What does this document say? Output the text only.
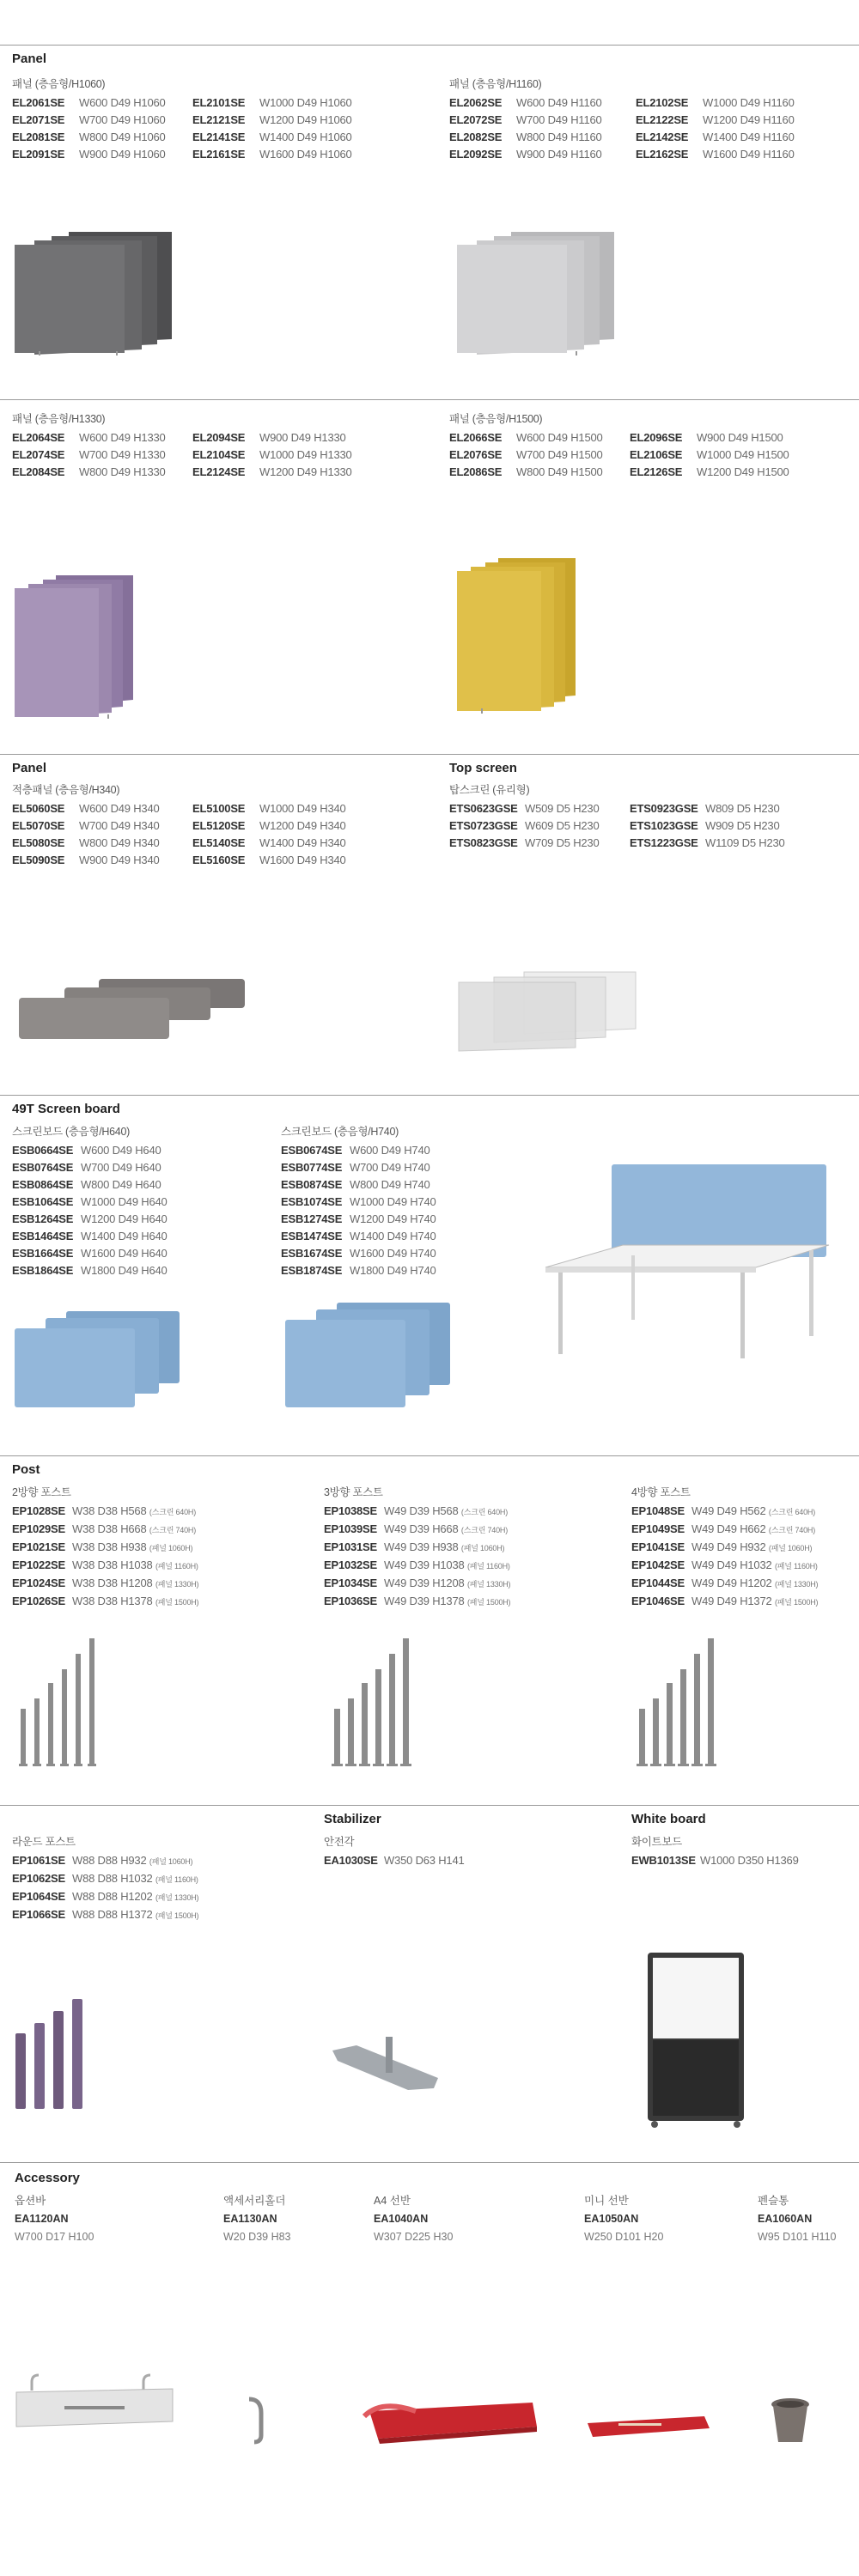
Panel
패널 (층음형/H1060)
EL2061SE W600 D49 H1060
EL2071SE W700 D49 H1060
EL2081SE W800 D49 H1060
EL2091SE W900 D49 H1060
EL2101SE W1000 D49 H1060
EL2121SE W1200 D49 H1060
EL2141SE W1400 D49 H1060
EL2161SE W1600 D49 H1060
패널 (층음형/H1160)
EL2062SE W600 D49 H1160
EL2072SE W700 D49 H1160
EL2082SE W800 D49 H1160
EL2092SE W900 D49 H1160
EL2102SE W1000 D49 H1160
EL2122SE W1200 D49 H1160
EL2142SE W1400 D49 H1160
EL2162SE W1600 D49 H1160
패널 (층음형/H1330)
EL2064SE W600 D49 H1330
EL2074SE W700 D49 H1330
EL2084SE W800 D49 H1330
EL2094SE W900 D49 H1330
EL2104SE W1000 D49 H1330
EL2124SE W1200 D49 H1330
패널 (층음형/H1500)
EL2066SE W600 D49 H1500
EL2076SE W700 D49 H1500
EL2086SE W800 D49 H1500
EL2096SE W900 D49 H1500
EL2106SE W1000 D49 H1500
EL2126SE W1200 D49 H1500
Panel
적층패널 (층음형/H340)
EL5060SE W600 D49 H340
EL5070SE W700 D49 H340
EL5080SE W800 D49 H340
EL5090SE W900 D49 H340
EL5100SE W1000 D49 H340
EL5120SE W1200 D49 H340
EL5140SE W1400 D49 H340
EL5160SE W1600 D49 H340
Top screen
탑스크린 (유리형)
ETS0623GSE W509 D5 H230
ETS0723GSE W609 D5 H230
ETS0823GSE W709 D5 H230
ETS0923GSE W809 D5 H230
ETS1023GSE W909 D5 H230
ETS1223GSE W1109 D5 H230
49T Screen board
스크린보드 (층음형/H640)
ESB0664SE W600 D49 H640
ESB0764SE W700 D49 H640
ESB0864SE W800 D49 H640
ESB1064SE W1000 D49 H640
ESB1264SE W1200 D49 H640
ESB1464SE W1400 D49 H640
ESB1664SE W1600 D49 H640
ESB1864SE W1800 D49 H640
스크린보드 (층음형/H740)
ESB0674SE W600 D49 H740
ESB0774SE W700 D49 H740
ESB0874SE W800 D49 H740
ESB1074SE W1000 D49 H740
ESB1274SE W1200 D49 H740
ESB1474SE W1400 D49 H740
ESB1674SE W1600 D49 H740
ESB1874SE W1800 D49 H740
Post
2방향 포스트
EP1028SE W38 D38 H568 (스크린 640H)
EP1029SE W38 D38 H668 (스크린 740H)
EP1021SE W38 D38 H938 (패널 1060H)
EP1022SE W38 D38 H1038 (패널 1160H)
EP1024SE W38 D38 H1208 (패널 1330H)
EP1026SE W38 D38 H1378 (패널 1500H)
3방향 포스트
EP1038SE W49 D39 H568 (스크린 640H)
EP1039SE W49 D39 H668 (스크린 740H)
EP1031SE W49 D39 H938 (패널 1060H)
EP1032SE W49 D39 H1038 (패널 1160H)
EP1034SE W49 D39 H1208 (패널 1330H)
EP1036SE W49 D39 H1378 (패널 1500H)
4방향 포스트
EP1048SE W49 D49 H562 (스크린 640H)
EP1049SE W49 D49 H662 (스크린 740H)
EP1041SE W49 D49 H932 (패널 1060H)
EP1042SE W49 D49 H1032 (패널 1160H)
EP1044SE W49 D49 H1202 (패널 1330H)
EP1046SE W49 D49 H1372 (패널 1500H)
라운드 포스트
EP1061SE W88 D88 H932 (패널 1060H)
EP1062SE W88 D88 H1032 (패널 1160H)
EP1064SE W88 D88 H1202 (패널 1330H)
EP1066SE W88 D88 H1372 (패널 1500H)
Stabilizer
안전각
EA1030SE W350 D63 H141
White board
화이트보드
EWB1013SE W1000 D350 H1369
Accessory
옵션바
EA1120AN
W700 D17 H100
액세서리홀더
EA1130AN
W20 D39 H83
A4 선반
EA1040AN
W307 D225 H30
미니 선반
EA1050AN
W250 D101 H20
펜슬통
EA1060AN
W95 D101 H110
